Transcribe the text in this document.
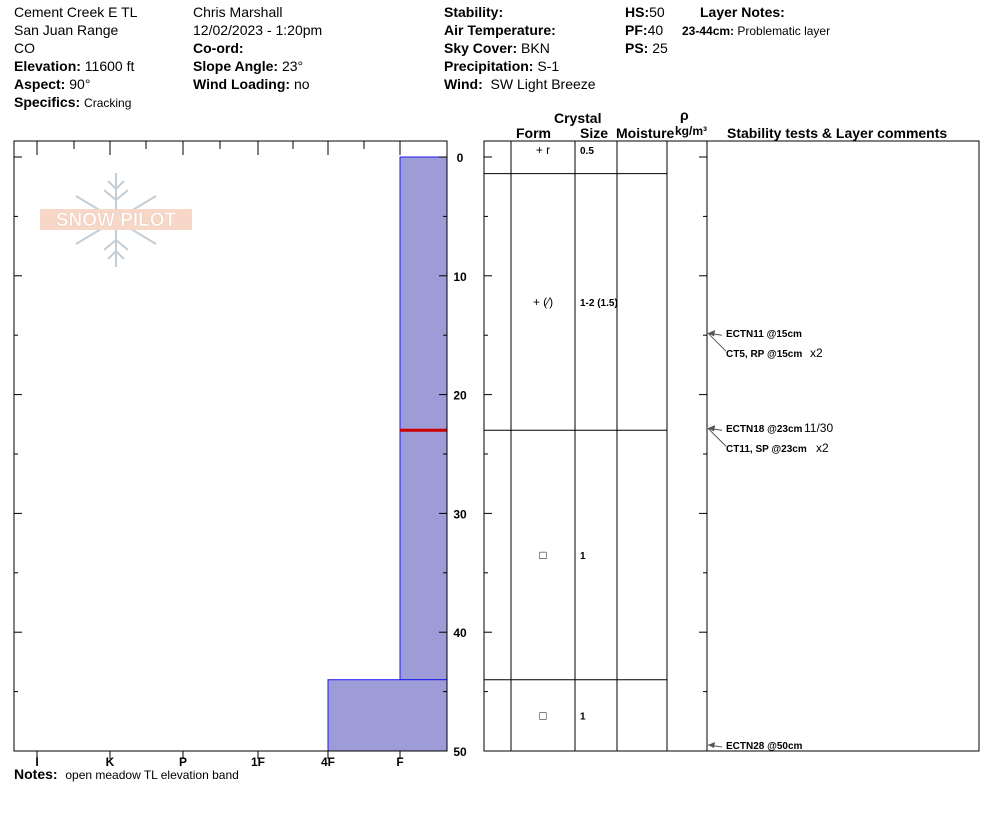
Cement Creek E TL
San Juan Range
CO
Elevation: 11600 ft
Aspect: 90°
Specifics: Cracking
Chris Marshall
12/02/2023 - 1:20pm
Co-ord:
Slope Angle: 23°
Wind Loading: no
Stability:
Air Temperature:
Sky Cover: BKN
Precipitation: S-1
Wind: SW Light Breeze
HS:50
PF:40
PS: 25
Layer Notes:
23-44cm: Problematic layer
Crystal	ρ
Form Size Moisture kg/m³ Stability tests & Layer comments
Notes: open meadow TL elevation band
SNOW PILOT
I	K	P	1F	4F	F
0
10
20
30
40
50
+ r	0.5
+ (⁄)	1-2 (1.5)
□	1
□	1
ECTN11 @15cm
CT5, RP @15cm x2
ECTN18 @23cm 11/30
CT11, SP @23cm x2
ECTN28 @50cm
